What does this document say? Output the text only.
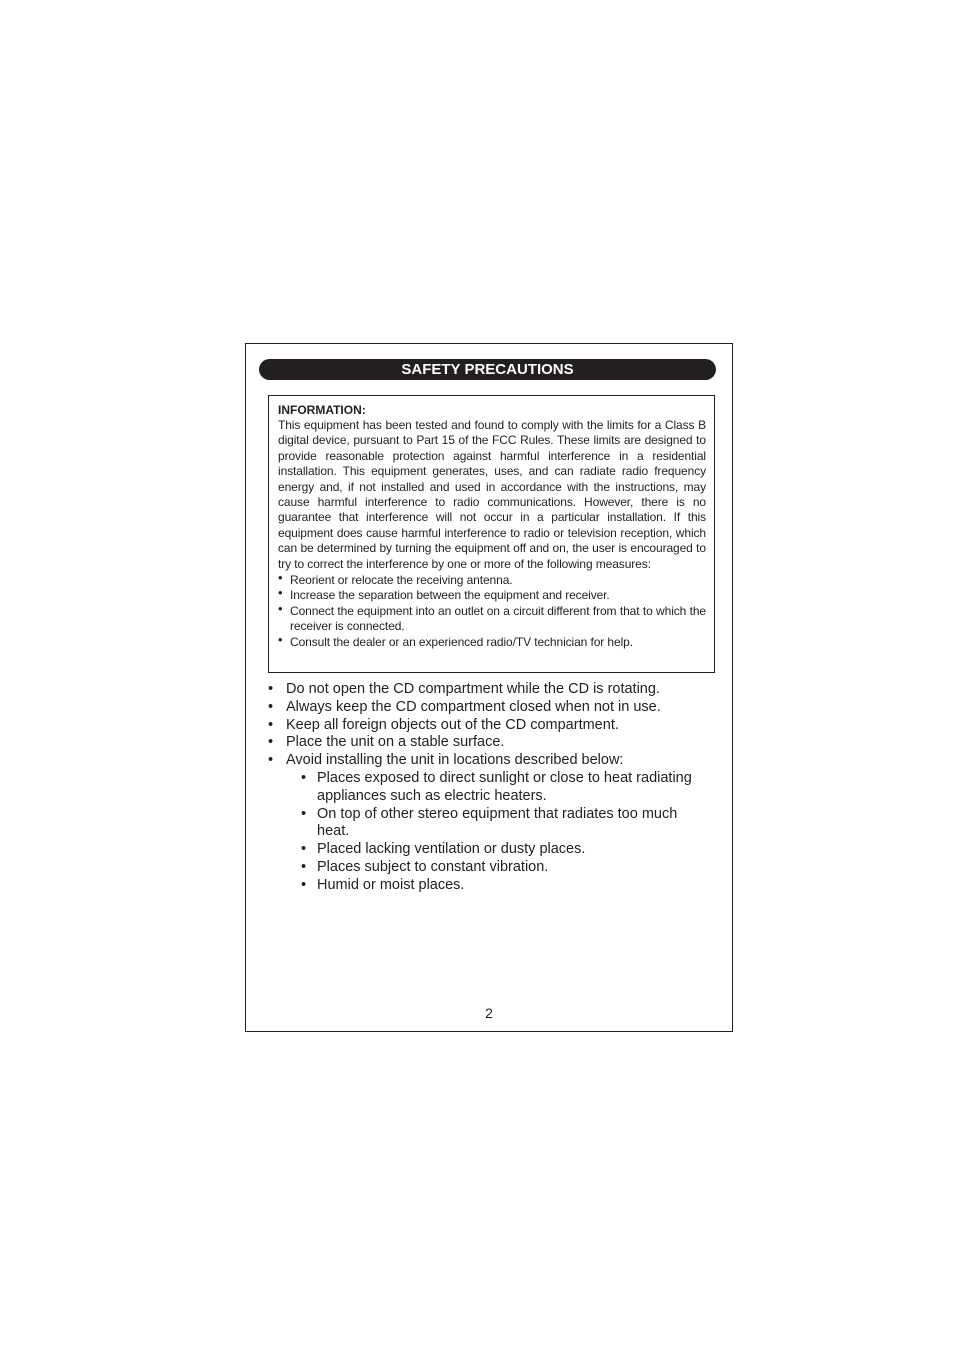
SAFETY PRECAUTIONS
INFORMATION:

This equipment has been tested and found to comply with the limits for a Class B digital device, pursuant to Part 15 of the FCC Rules. These limits are designed to provide reasonable protection against harmful interference in a residential installation. This equipment generates, uses, and can radiate radio frequency energy and, if not installed and used in accordance with the instructions, may cause harmful interference to radio communications. However, there is no guarantee that interference will not occur in a particular installation. If this equipment does cause harmful interference to radio or television reception, which can be determined by turning the equipment off and on, the user is encouraged to try to correct the interference by one or more of the following measures:

• Reorient or relocate the receiving antenna.
• Increase the separation between the equipment and receiver.
• Connect the equipment into an outlet on a circuit different from that to which the receiver is connected.
• Consult the dealer or an experienced radio/TV technician for help.
• Do not open the CD compartment while the CD is rotating.
• Always keep the CD compartment closed when not in use.
• Keep all foreign objects out of the CD compartment.
• Place the unit on a stable surface.
• Avoid installing the unit in locations described below:
• Places exposed to direct sunlight or close to heat radiating appliances such as electric heaters.
• On top of other stereo equipment that radiates too much heat.
• Placed lacking ventilation or dusty places.
• Places subject to constant vibration.
• Humid or moist places.
2
